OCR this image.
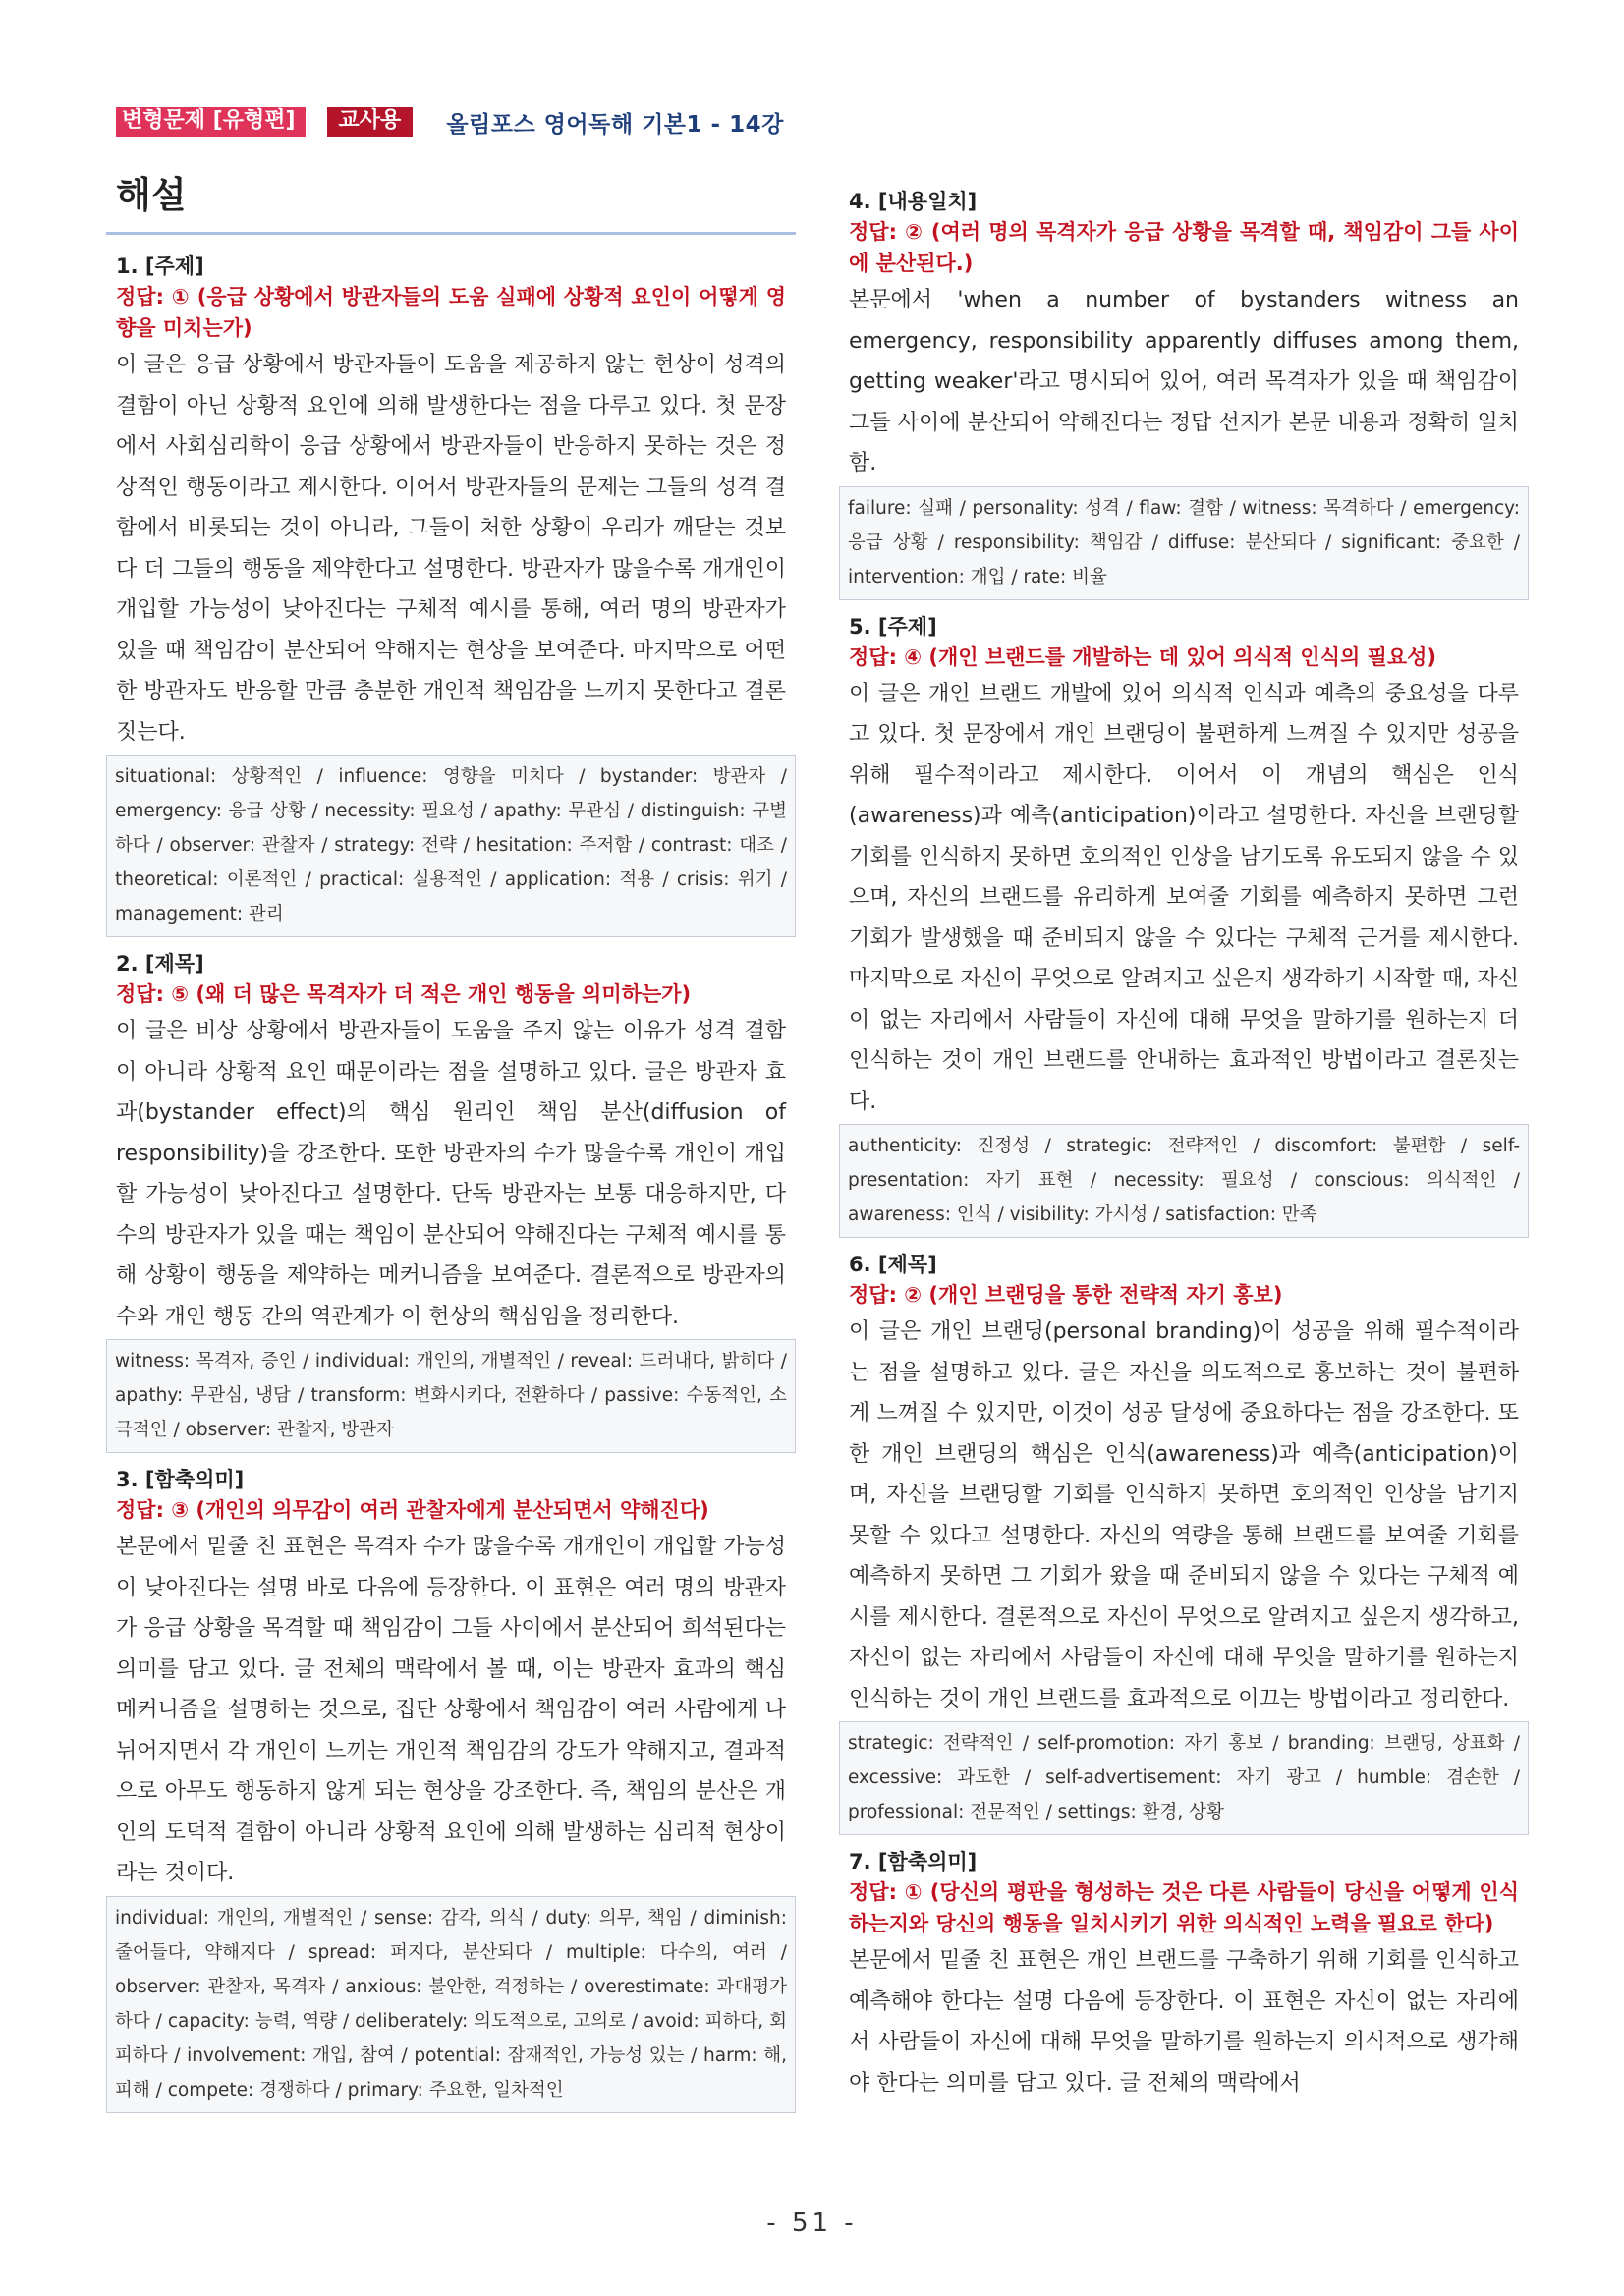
변형문제 [유형편]	교사용	올림포스 영어독해 기본1 - 14강
해설
1. [주제]
정답: ① (응급 상황에서 방관자들의 도움 실패에 상황적 요인이 어떻게 영향을 미치는가)
이 글은 응급 상황에서 방관자들이 도움을 제공하지 않는 현상이 성격의 결함이 아닌 상황적 요인에 의해 발생한다는 점을 다루고 있다. 첫 문장에서 사회심리학이 응급 상황에서 방관자들이 반응하지 못하는 것은 정상적인 행동이라고 제시한다. 이어서 방관자들의 문제는 그들의 성격 결함에서 비롯되는 것이 아니라, 그들이 처한 상황이 우리가 깨닫는 것보다 더 그들의 행동을 제약한다고 설명한다. 방관자가 많을수록 개개인이 개입할 가능성이 낮아진다는 구체적 예시를 통해, 여러 명의 방관자가 있을 때 책임감이 분산되어 약해지는 현상을 보여준다. 마지막으로 어떤 한 방관자도 반응할 만큼 충분한 개인적 책임감을 느끼지 못한다고 결론짓는다.
situational: 상황적인 / influence: 영향을 미치다 / bystander: 방관자 / emergency: 응급 상황 / necessity: 필요성 / apathy: 무관심 / distinguish: 구별하다 / observer: 관찰자 / strategy: 전략 / hesitation: 주저함 / contrast: 대조 / theoretical: 이론적인 / practical: 실용적인 / application: 적용 / crisis: 위기 / management: 관리
2. [제목]
정답: ⑤ (왜 더 많은 목격자가 더 적은 개인 행동을 의미하는가)
이 글은 비상 상황에서 방관자들이 도움을 주지 않는 이유가 성격 결함이 아니라 상황적 요인 때문이라는 점을 설명하고 있다. 글은 방관자 효과(bystander effect)의 핵심 원리인 책임 분산(diffusion of responsibility)을 강조한다. 또한 방관자의 수가 많을수록 개인이 개입할 가능성이 낮아진다고 설명한다. 단독 방관자는 보통 대응하지만, 다수의 방관자가 있을 때는 책임이 분산되어 약해진다는 구체적 예시를 통해 상황이 행동을 제약하는 메커니즘을 보여준다. 결론적으로 방관자의 수와 개인 행동 간의 역관계가 이 현상의 핵심임을 정리한다.
witness: 목격자, 증인 / individual: 개인의, 개별적인 / reveal: 드러내다, 밝히다 / apathy: 무관심, 냉담 / transform: 변화시키다, 전환하다 / passive: 수동적인, 소극적인 / observer: 관찰자, 방관자
3. [함축의미]
정답: ③ (개인의 의무감이 여러 관찰자에게 분산되면서 약해진다)
본문에서 밑줄 친 표현은 목격자 수가 많을수록 개개인이 개입할 가능성이 낮아진다는 설명 바로 다음에 등장한다. 이 표현은 여러 명의 방관자가 응급 상황을 목격할 때 책임감이 그들 사이에서 분산되어 희석된다는 의미를 담고 있다. 글 전체의 맥락에서 볼 때, 이는 방관자 효과의 핵심 메커니즘을 설명하는 것으로, 집단 상황에서 책임감이 여러 사람에게 나뉘어지면서 각 개인이 느끼는 개인적 책임감의 강도가 약해지고, 결과적으로 아무도 행동하지 않게 되는 현상을 강조한다. 즉, 책임의 분산은 개인의 도덕적 결함이 아니라 상황적 요인에 의해 발생하는 심리적 현상이라는 것이다.
individual: 개인의, 개별적인 / sense: 감각, 의식 / duty: 의무, 책임 / diminish: 줄어들다, 약해지다 / spread: 퍼지다, 분산되다 / multiple: 다수의, 여러 / observer: 관찰자, 목격자 / anxious: 불안한, 걱정하는 / overestimate: 과대평가하다 / capacity: 능력, 역량 / deliberately: 의도적으로, 고의로 / avoid: 피하다, 회피하다 / involvement: 개입, 참여 / potential: 잠재적인, 가능성 있는 / harm: 해, 피해 / compete: 경쟁하다 / primary: 주요한, 일차적인
4. [내용일치]
정답: ② (여러 명의 목격자가 응급 상황을 목격할 때, 책임감이 그들 사이에 분산된다.)
본문에서 'when a number of bystanders witness an emergency, responsibility apparently diffuses among them, getting weaker'라고 명시되어 있어, 여러 목격자가 있을 때 책임감이 그들 사이에 분산되어 약해진다는 정답 선지가 본문 내용과 정확히 일치함.
failure: 실패 / personality: 성격 / flaw: 결함 / witness: 목격하다 / emergency: 응급 상황 / responsibility: 책임감 / diffuse: 분산되다 / significant: 중요한 / intervention: 개입 / rate: 비율
5. [주제]
정답: ④ (개인 브랜드를 개발하는 데 있어 의식적 인식의 필요성)
이 글은 개인 브랜드 개발에 있어 의식적 인식과 예측의 중요성을 다루고 있다. 첫 문장에서 개인 브랜딩이 불편하게 느껴질 수 있지만 성공을 위해 필수적이라고 제시한다. 이어서 이 개념의 핵심은 인식(awareness)과 예측(anticipation)이라고 설명한다. 자신을 브랜딩할 기회를 인식하지 못하면 호의적인 인상을 남기도록 유도되지 않을 수 있으며, 자신의 브랜드를 유리하게 보여줄 기회를 예측하지 못하면 그런 기회가 발생했을 때 준비되지 않을 수 있다는 구체적 근거를 제시한다. 마지막으로 자신이 무엇으로 알려지고 싶은지 생각하기 시작할 때, 자신이 없는 자리에서 사람들이 자신에 대해 무엇을 말하기를 원하는지 더 인식하는 것이 개인 브랜드를 안내하는 효과적인 방법이라고 결론짓는다.
authenticity: 진정성 / strategic: 전략적인 / discomfort: 불편함 / self-presentation: 자기 표현 / necessity: 필요성 / conscious: 의식적인 / awareness: 인식 / visibility: 가시성 / satisfaction: 만족
6. [제목]
정답: ② (개인 브랜딩을 통한 전략적 자기 홍보)
이 글은 개인 브랜딩(personal branding)이 성공을 위해 필수적이라는 점을 설명하고 있다. 글은 자신을 의도적으로 홍보하는 것이 불편하게 느껴질 수 있지만, 이것이 성공 달성에 중요하다는 점을 강조한다. 또한 개인 브랜딩의 핵심은 인식(awareness)과 예측(anticipation)이며, 자신을 브랜딩할 기회를 인식하지 못하면 호의적인 인상을 남기지 못할 수 있다고 설명한다. 자신의 역량을 통해 브랜드를 보여줄 기회를 예측하지 못하면 그 기회가 왔을 때 준비되지 않을 수 있다는 구체적 예시를 제시한다. 결론적으로 자신이 무엇으로 알려지고 싶은지 생각하고, 자신이 없는 자리에서 사람들이 자신에 대해 무엇을 말하기를 원하는지 인식하는 것이 개인 브랜드를 효과적으로 이끄는 방법이라고 정리한다.
strategic: 전략적인 / self-promotion: 자기 홍보 / branding: 브랜딩, 상표화 / excessive: 과도한 / self-advertisement: 자기 광고 / humble: 겸손한 / professional: 전문적인 / settings: 환경, 상황
7. [함축의미]
정답: ① (당신의 평판을 형성하는 것은 다른 사람들이 당신을 어떻게 인식하는지와 당신의 행동을 일치시키기 위한 의식적인 노력을 필요로 한다)
본문에서 밑줄 친 표현은 개인 브랜드를 구축하기 위해 기회를 인식하고 예측해야 한다는 설명 다음에 등장한다. 이 표현은 자신이 없는 자리에서 사람들이 자신에 대해 무엇을 말하기를 원하는지 의식적으로 생각해야 한다는 의미를 담고 있다. 글 전체의 맥락에서
- 51 -
